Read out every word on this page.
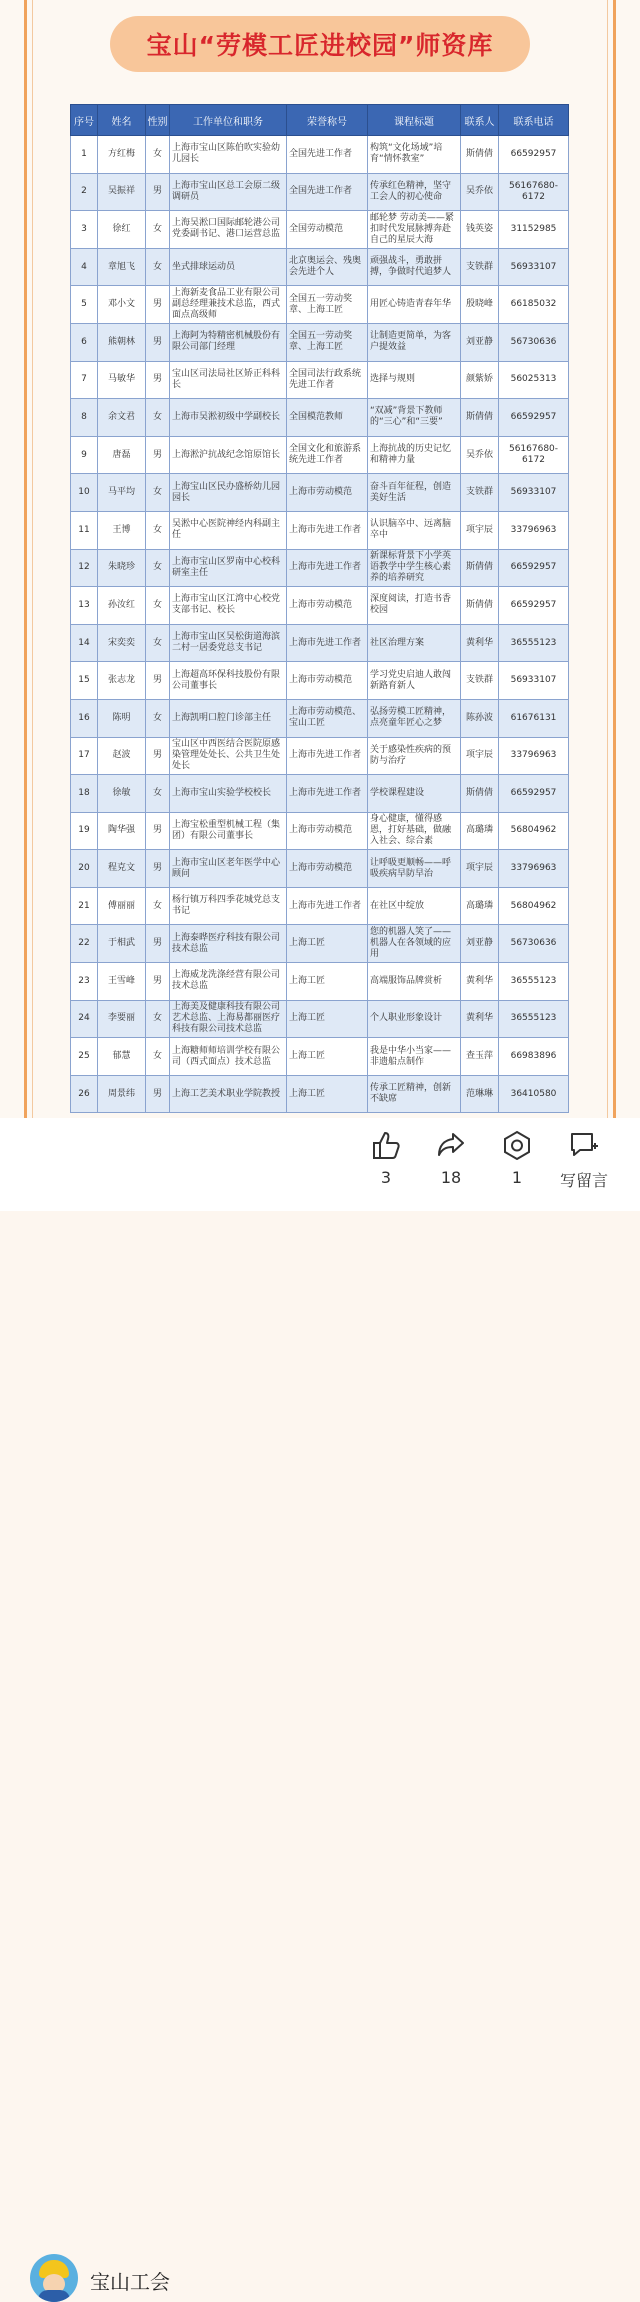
宝山“劳模工匠进校园”师资库
序号	姓名	性别	工作单位和职务	荣誉称号	课程标题	联系人	联系电话
1	方红梅	女	上海市宝山区陈伯吹实验幼儿园长	全国先进工作者	构筑“文化场域”培育“情怀教室”	斯倩倩	66592957
2	吴振祥	男	上海市宝山区总工会原二级调研员	全国先进工作者	传承红色精神，坚守工会人的初心使命	吴乔依	56167680-6172
3	徐红	女	上海吴淞口国际邮轮港公司党委副书记、港口运营总监	全国劳动模范	邮轮梦 劳动美——紧扣时代发展脉搏奔赴自己的星辰大海	钱英姿	31152985
4	章旭飞	女	坐式排球运动员	北京奥运会、残奥会先进个人	顽强战斗，勇敢拼搏，争做时代追梦人	支铁群	56933107
5	邓小文	男	上海新麦食品工业有限公司副总经理兼技术总监，西式面点高级师	全国五一劳动奖章、上海工匠	用匠心铸造青春年华	殷晓峰	66185032
6	熊朝林	男	上海阿为特精密机械股份有限公司部门经理	全国五一劳动奖章、上海工匠	让制造更简单，为客户提效益	刘亚静	56730636
7	马敏华	男	宝山区司法局社区矫正科科长	全国司法行政系统先进工作者	选择与规则	颜紫娇	56025313
8	余文君	女	上海市吴淞初级中学副校长	全国模范教师	“双减”背景下教师的“三心”和“三要”	斯倩倩	66592957
9	唐磊	男	上海淞沪抗战纪念馆原馆长	全国文化和旅游系统先进工作者	上海抗战的历史记忆和精神力量	吴乔依	56167680-6172
10	马平均	女	上海宝山区民办盛桥幼儿园园长	上海市劳动模范	奋斗百年征程，创造美好生活	支铁群	56933107
11	王博	女	吴淞中心医院神经内科副主任	上海市先进工作者	认识脑卒中、远离脑卒中	项宇辰	33796963
12	朱晓珍	女	上海市宝山区罗南中心校科研室主任	上海市先进工作者	新课标背景下小学英语教学中学生核心素养的培养研究	斯倩倩	66592957
13	孙汝红	女	上海市宝山区江湾中心校党支部书记、校长	上海市劳动模范	深度阅读，打造书香校园	斯倩倩	66592957
14	宋奕奕	女	上海市宝山区吴松街道海滨二村一居委党总支书记	上海市先进工作者	社区治理方案	黄利华	36555123
15	张志龙	男	上海超高环保科技股份有限公司董事长	上海市劳动模范	学习党史启迪人敢闯新路育新人	支铁群	56933107
16	陈明	女	上海凯明口腔门诊部主任	上海市劳动模范、宝山工匠	弘扬劳模工匠精神，点亮童年匠心之梦	陈孙波	61676131
17	赵波	男	宝山区中西医结合医院原感染管理处处长、公共卫生处处长	上海市先进工作者	关于感染性疾病的预防与治疗	项宇辰	33796963
18	徐敏	女	上海市宝山实验学校校长	上海市先进工作者	学校课程建设	斯倩倩	66592957
19	陶华强	男	上海宝松重型机械工程（集团）有限公司董事长	上海市劳动模范	身心健康，懂得感恩，打好基础，做融入社会、综合素	高璐璘	56804962
20	程克文	男	上海市宝山区老年医学中心顾问	上海市劳动模范	让呼吸更顺畅——呼吸疾病早防早治	项宇辰	33796963
21	傅丽丽	女	杨行镇万科四季花城党总支书记	上海市先进工作者	在社区中绽放	高璐璘	56804962
22	于相武	男	上海泰晔医疗科技有限公司技术总监	上海工匠	您的机器人笑了——机器人在各领域的应用	刘亚静	56730636
23	王雪峰	男	上海威龙洗涤经营有限公司技术总监	上海工匠	高端服饰品牌赏析	黄利华	36555123
24	李要丽	女	上海美及健康科技有限公司艺术总监、上海易都丽医疗科技有限公司技术总监	上海工匠	个人职业形象设计	黄利华	36555123
25	郁慧	女	上海糖师师培训学校有限公司（西式面点）技术总监	上海工匠	我是中华小当家——非遗船点制作	查玉萍	66983896
26	周景纬	男	上海工艺美术职业学院教授	上海工匠	传承工匠精神，创新不缺席	范琳琳	36410580
宝山工会
3	18	1	写留言
